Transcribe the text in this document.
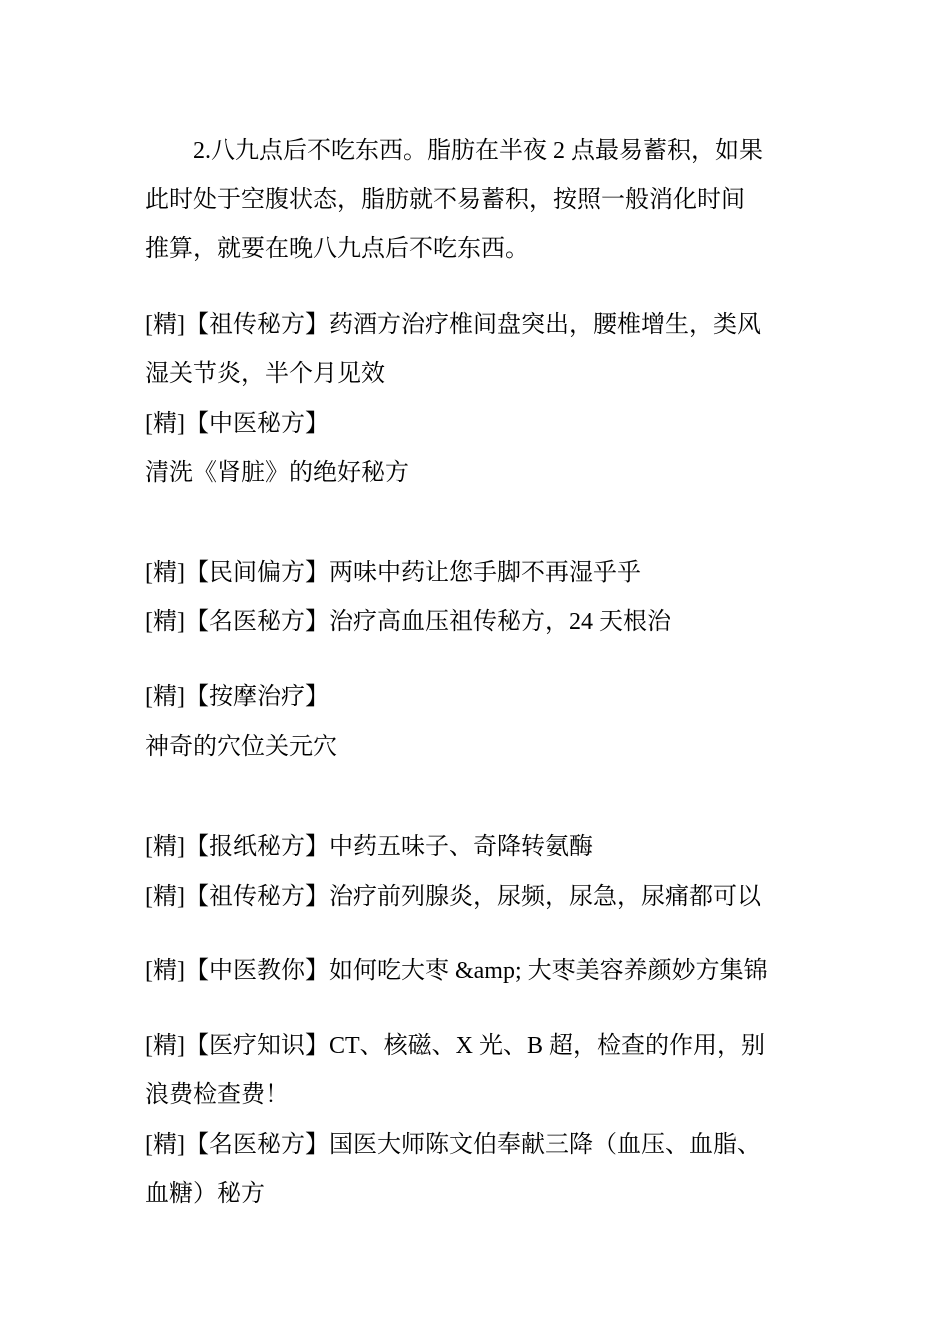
2.八九点后不吃东西。脂肪在半夜 2 点最易蓄积，如果
此时处于空腹状态，脂肪就不易蓄积，按照一般消化时间
推算，就要在晚八九点后不吃东西。
[精]【祖传秘方】药酒方治疗椎间盘突出，腰椎增生，类风
湿关节炎，半个月见效
[精]【中医秘方】
清洗《肾脏》的绝好秘方
[精]【民间偏方】两味中药让您手脚不再湿乎乎
[精]【名医秘方】治疗高血压祖传秘方，24 天根治
[精]【按摩治疗】
神奇的穴位关元穴
[精]【报纸秘方】中药五味子、奇降转氨酶
[精]【祖传秘方】治疗前列腺炎，尿频，尿急，尿痛都可以
[精]【中医教你】如何吃大枣 &amp; 大枣美容养颜妙方集锦
[精]【医疗知识】CT、核磁、X 光、B 超，检查的作用，别
浪费检查费！
[精]【名医秘方】国医大师陈文伯奉献三降（血压、血脂、
血糖）秘方
